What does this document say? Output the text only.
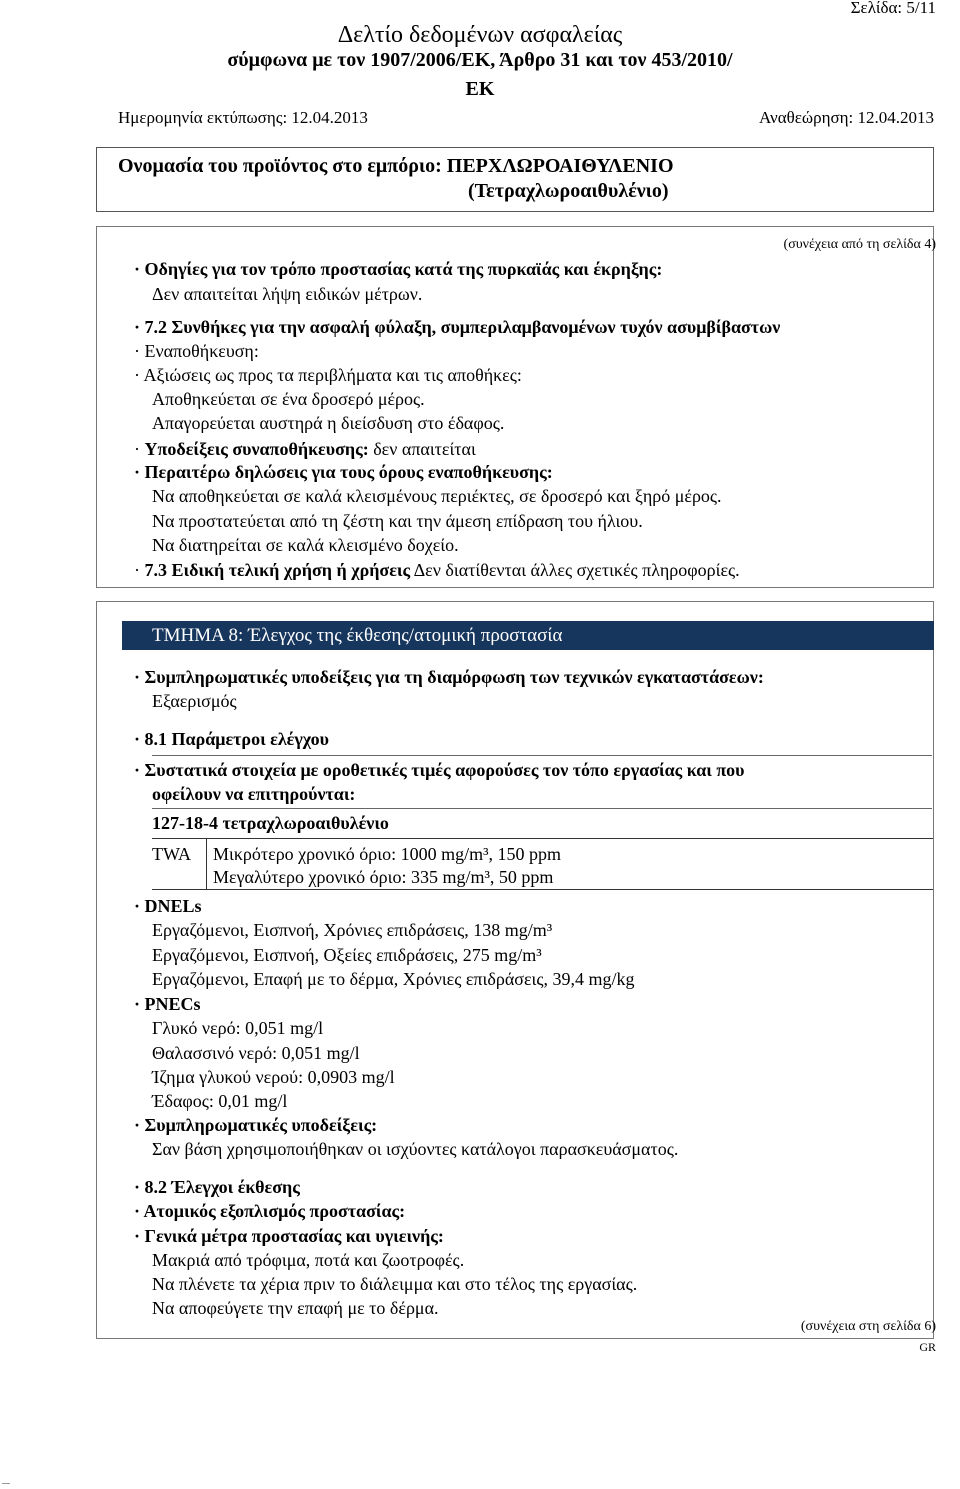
Σελίδα: 5/11
Δελτίο δεδομένων ασφαλείας
σύμφωνα με τον 1907/2006/ΕΚ, Άρθρο 31 και τον 453/2010/
ΕΚ
Ημερομηνία εκτύπωσης: 12.04.2013	Αναθεώρηση: 12.04.2013
Ονομασία του προϊόντος στο εμπόριο: ΠΕΡΧΛΩΡΟΑΙΘΥΛΕΝΙΟ
(Τετραχλωροαιθυλένιο)
(συνέχεια από τη σελίδα 4)
· Οδηγίες για τον τρόπο προστασίας κατά της πυρκαϊάς και έκρηξης:
Δεν απαιτείται λήψη ειδικών μέτρων.
· 7.2 Συνθήκες για την ασφαλή φύλαξη, συμπεριλαμβανομένων τυχόν ασυμβίβαστων
· Εναποθήκευση:
· Αξιώσεις ως προς τα περιβλήματα και τις αποθήκες:
Αποθηκεύεται σε ένα δροσερό μέρος.
Απαγορεύεται αυστηρά η διείσδυση στο έδαφος.
· Υποδείξεις συναποθήκευσης: δεν απαιτείται
· Περαιτέρω δηλώσεις για τους όρους εναποθήκευσης:
Να αποθηκεύεται σε καλά κλεισμένους περιέκτες, σε δροσερό και ξηρό μέρος.
Να προστατεύεται από τη ζέστη και την άμεση επίδραση του ήλιου.
Να διατηρείται σε καλά κλεισμένο δοχείο.
· 7.3 Ειδική τελική χρήση ή χρήσεις Δεν διατίθενται άλλες σχετικές πληροφορίες.
ΤΜΗΜΑ 8: Έλεγχος της έκθεσης/ατομική προστασία
· Συμπληρωματικές υποδείξεις για τη διαμόρφωση των τεχνικών εγκαταστάσεων:
Εξαερισμός
· 8.1 Παράμετροι ελέγχου
· Συστατικά στοιχεία με οροθετικές τιμές αφορούσες τον τόπο εργασίας και που
οφείλουν να επιτηρούνται:
127-18-4 τετραχλωροαιθυλένιο
TWA Μικρότερο χρονικό όριο: 1000 mg/m³, 150 ppm
Μεγαλύτερο χρονικό όριο: 335 mg/m³, 50 ppm
· DNELs
Εργαζόμενοι, Εισπνοή, Χρόνιες επιδράσεις, 138 mg/m³
Εργαζόμενοι, Εισπνοή, Οξείες επιδράσεις, 275 mg/m³
Εργαζόμενοι, Επαφή με το δέρμα, Χρόνιες επιδράσεις, 39,4 mg/kg
· PNECs
Γλυκό νερό: 0,051 mg/l
Θαλασσινό νερό: 0,051 mg/l
Ίζημα γλυκού νερού: 0,0903 mg/l
Έδαφος: 0,01 mg/l
· Συμπληρωματικές υποδείξεις:
Σαν βάση χρησιμοποιήθηκαν οι ισχύοντες κατάλογοι παρασκευάσματος.
· 8.2 Έλεγχοι έκθεσης
· Ατομικός εξοπλισμός προστασίας:
· Γενικά μέτρα προστασίας και υγιεινής:
Μακριά από τρόφιμα, ποτά και ζωοτροφές.
Να πλένετε τα χέρια πριν το διάλειμμα και στο τέλος της εργασίας.
Να αποφεύγετε την επαφή με το δέρμα.
(συνέχεια στη σελίδα 6)
GR
